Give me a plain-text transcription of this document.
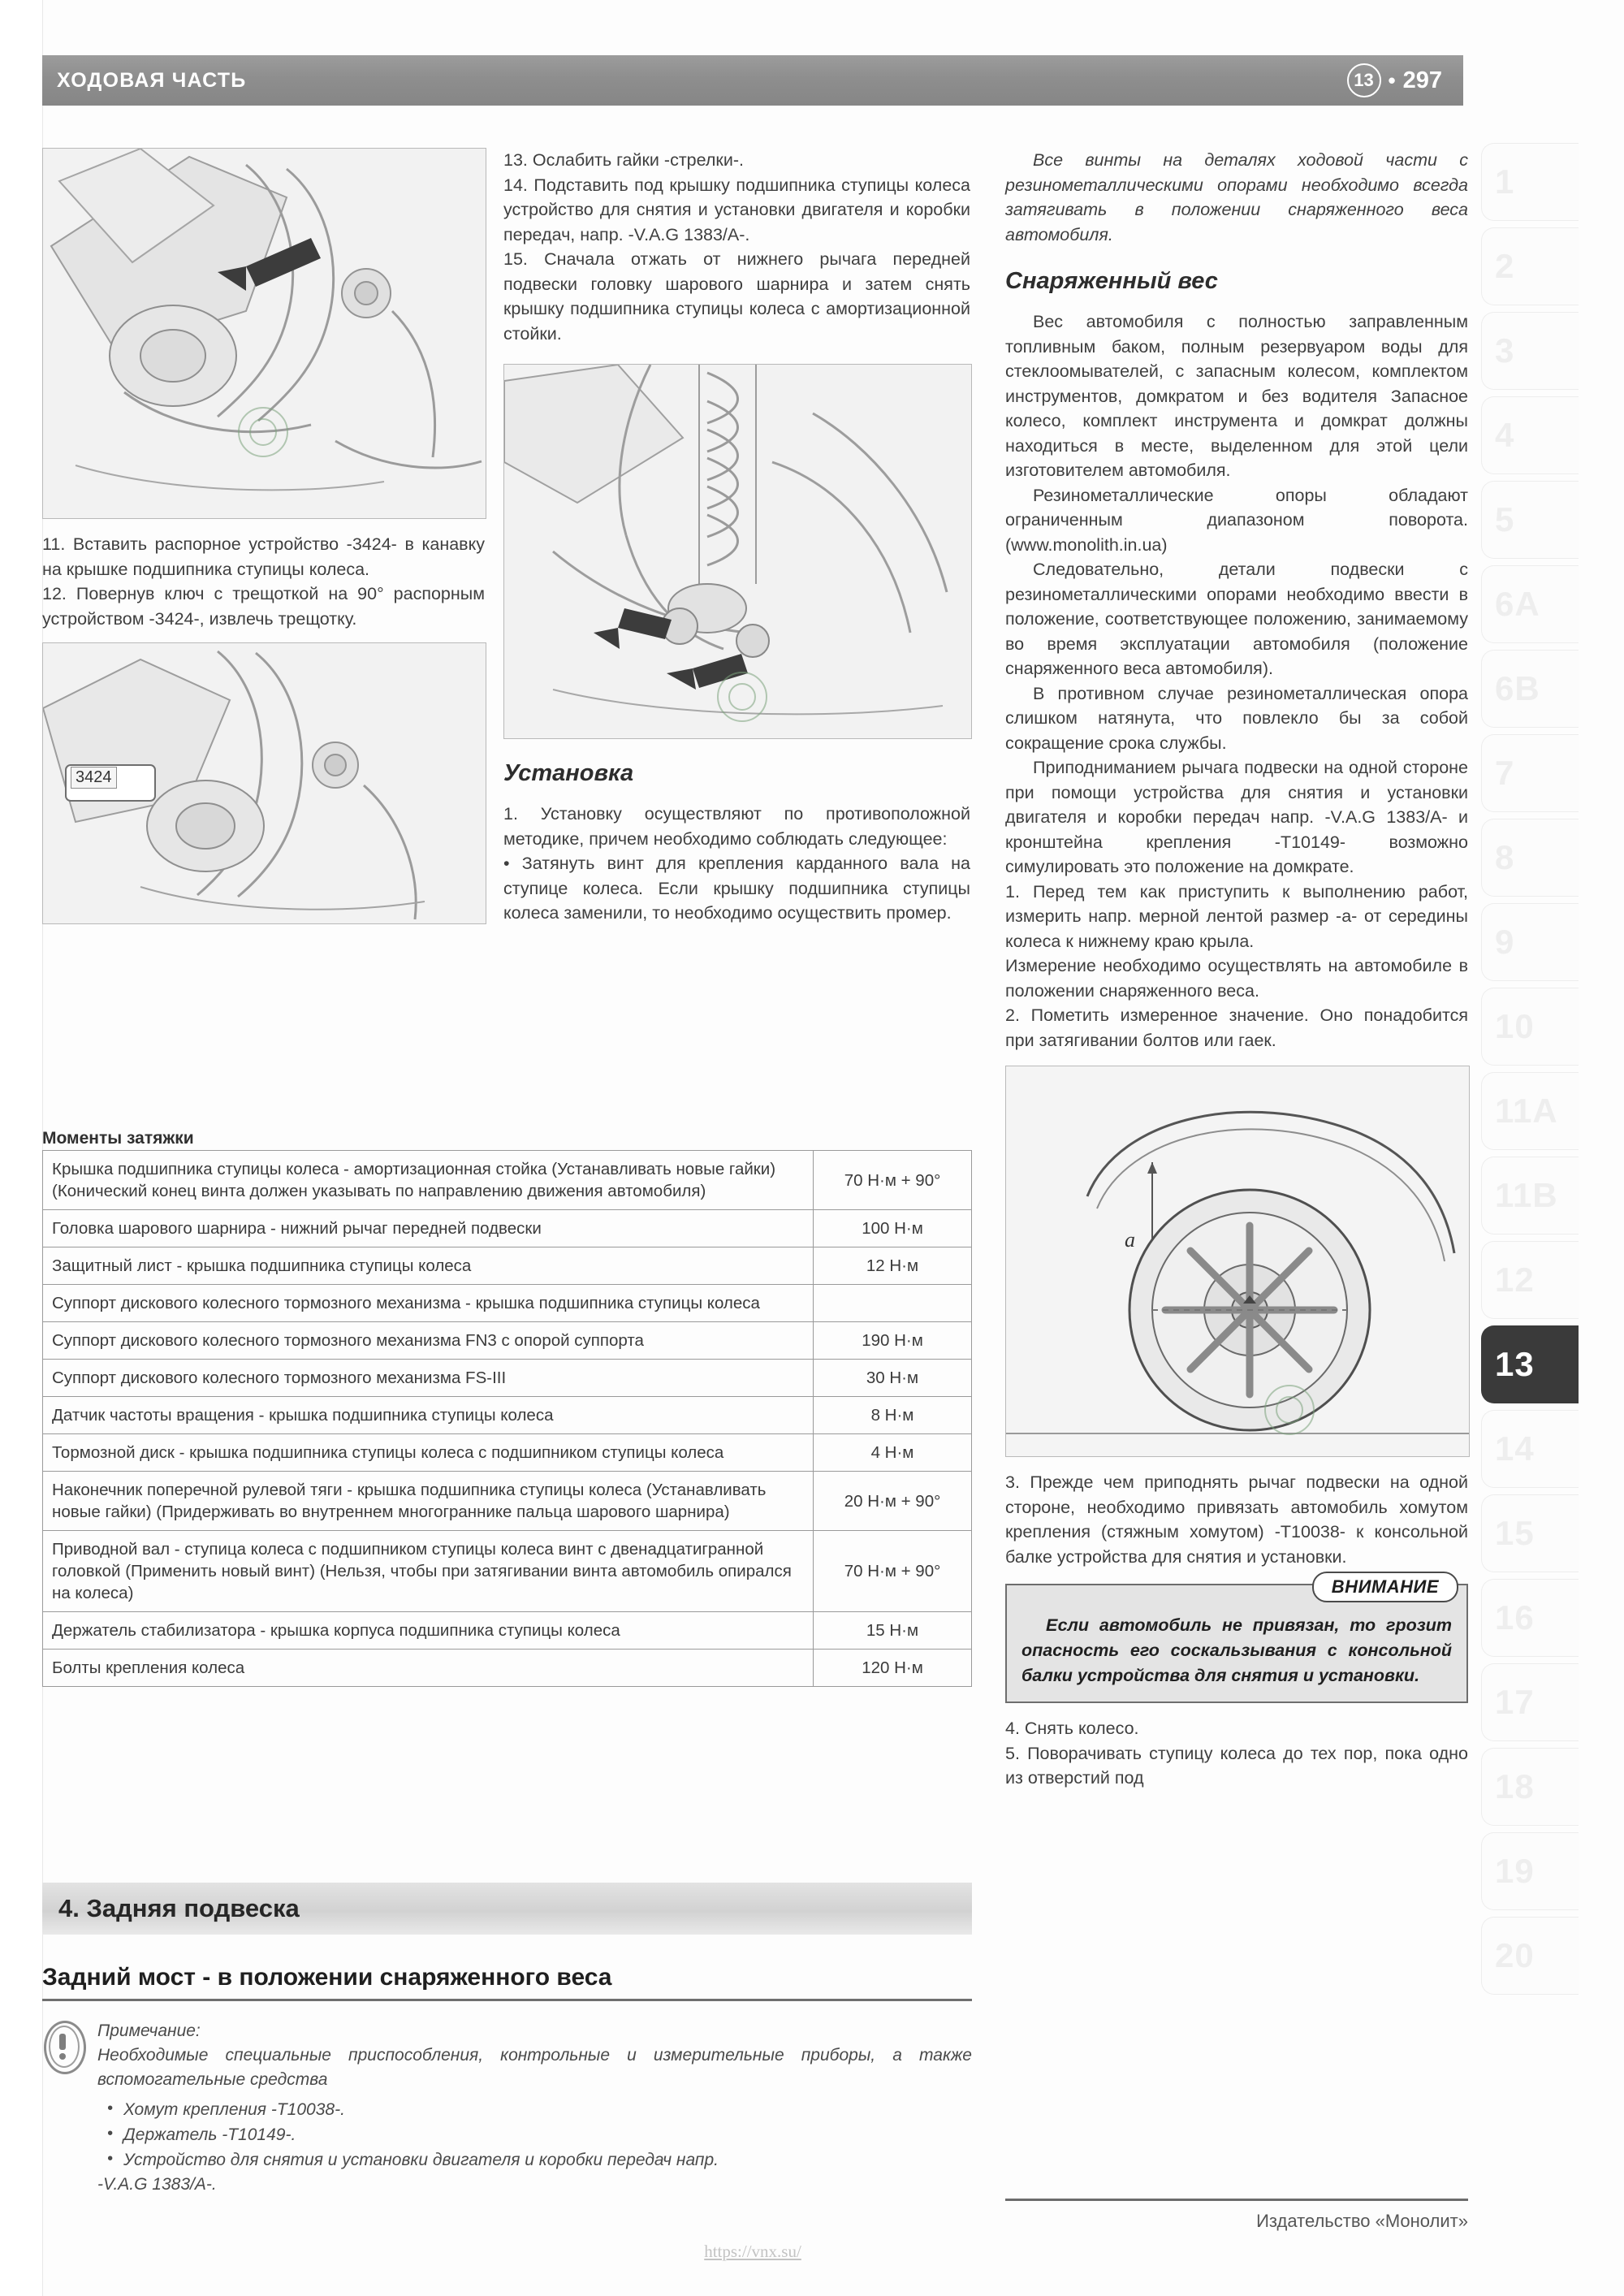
ХОДОВАЯ ЧАСТЬ	13 • 297

11. Вставить распорное устройство -3424- в канавку на крышке подшипника ступицы колеса.

12. Повернув ключ с трещоткой на 90° распорным устройством -3424-, извлечь трещотку.

3424

13. Ослабить гайки -стрелки-.

14. Подставить под крышку подшипника ступицы колеса устройство для снятия и установки двигателя и коробки передач, напр. -V.A.G 1383/A-.

15. Сначала отжать от нижнего рычага передней подвески головку шарового шарнира и затем снять крышку подшипника ступицы колеса с амортизационной стойки.

Установка

1. Установку осуществляют по противоположной методике, причем необходимо соблюдать следующее:

• Затянуть винт для крепления карданного вала на ступице колеса. Если крышку подшипника ступицы колеса заменили, то необходимо осуществить промер.

Все винты на деталях ходовой части с резинометаллическими опорами необходимо всегда затягивать в положении снаряженного веса автомобиля.

Снаряженный вес

Вес автомобиля с полностью заправленным топливным баком, полным резервуаром воды для стеклоомывателей, с запасным колесом, комплектом инструментов, домкратом и без водителя Запасное колесо, комплект инструмента и домкрат должны находиться в месте, выделенном для этой цели изготовителем автомобиля.

Резинометаллические опоры обладают ограниченным диапазоном поворота. (www.monolith.in.ua)

Следовательно, детали подвески с резинометаллическими опорами необходимо ввести в положение, соответствующее положению, занимаемому во время эксплуатации автомобиля (положение снаряженного веса автомобиля).

В противном случае резинометаллическая опора слишком натянута, что повлекло бы за собой сокращение срока службы.

Приподниманием рычага подвески на одной стороне при помощи устройства для снятия и установки двигателя и коробки передач напр. -V.A.G 1383/A- и кронштейна крепления -T10149- возможно симулировать это положение на домкрате.

1. Перед тем как приступить к выполнению работ, измерить напр. мерной лентой размер -a- от середины колеса к нижнему краю крыла.

Измерение необходимо осуществлять на автомобиле в положении снаряженного веса.

2. Пометить измеренное значение. Оно понадобится при затягивании болтов или гаек.

a

3. Прежде чем приподнять рычаг подвески на одной стороне, необходимо привязать автомобиль хомутом крепления (стяжным хомутом) -T10038- к консольной балке устройства для снятия и установки.

ВНИМАНИЕ

Если автомобиль не привязан, то грозит опасность его соскальзывания с консольной балки устройства для снятия и установки.

4. Снять колесо.

5. Поворачивать ступицу колеса до тех пор, пока одно из отверстий под

Моменты затяжки
Крышка подшипника ступицы колеса - амортизационная стойка (Устанавливать новые гайки) (Конический конец винта должен указывать по направлению движения автомобиля)	70 Н·м + 90°
Головка шарового шарнира - нижний рычаг передней подвески	100 Н·м
Защитный лист - крышка подшипника ступицы колеса	12 Н·м
Суппорт дискового колесного тормозного механизма - крышка подшипника ступицы колеса	
Суппорт дискового колесного тормозного механизма FN3 с опорой суппорта	190 Н·м
Суппорт дискового колесного тормозного механизма FS-III	30 Н·м
Датчик частоты вращения - крышка подшипника ступицы колеса	8 Н·м
Тормозной диск - крышка подшипника ступицы колеса с подшипником ступицы колеса	4 Н·м
Наконечник поперечной рулевой тяги - крышка подшипника ступицы колеса (Устанавливать новые гайки) (Придерживать во внутреннем многограннике пальца шарового шарнира)	20 Н·м + 90°
Приводной вал - ступица колеса с подшипником ступицы колеса винт с двенадцатигранной головкой (Применить новый винт) (Нельзя, чтобы при затягивании винта автомобиль опирался на колеса)	70 Н·м + 90°
Держатель стабилизатора - крышка корпуса подшипника ступицы колеса	15 Н·м
Болты крепления колеса	120 Н·м
4. Задняя подвеска
Задний мост - в положении снаряженного веса

Примечание:

Необходимые специальные приспособления, контрольные и измерительные приборы, а также вспомогательные средства

• Хомут крепления -T10038-.
• Держатель -T10149-.
• Устройство для снятия и установки двигателя и коробки передач напр.

-V.A.G 1383/A-.

1
2
3
4
5
6A
6B
7
8
9
10
11A
11B
12
13
14
15
16
17
18
19
20
Издательство «Монолит»
https://vnx.su/
